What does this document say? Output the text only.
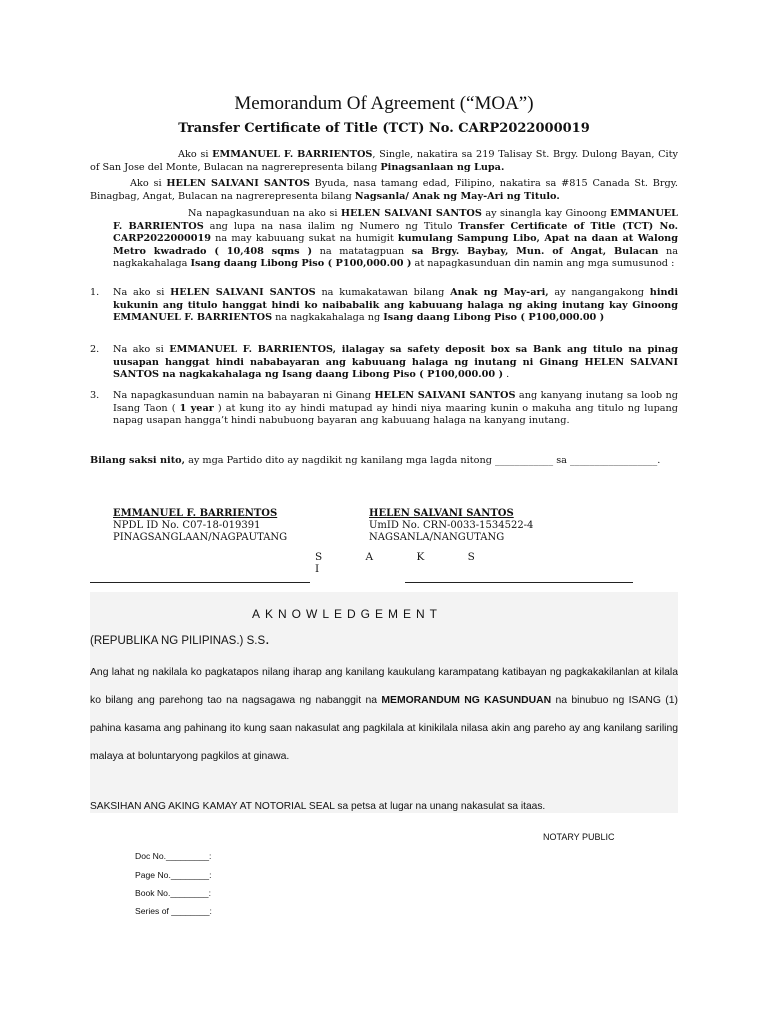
Memorandum Of Agreement (“MOA”)
Transfer Certificate of Title (TCT) No. CARP2022000019
Ako si EMMANUEL F. BARRIENTOS, Single, nakatira sa 219 Talisay St. Brgy. Dulong Bayan, City of San Jose del Monte, Bulacan na nagrerepresenta bilang Pinagsanlaan ng Lupa.
Ako si HELEN SALVANI SANTOS Byuda, nasa tamang edad, Filipino, nakatira sa #815 Canada St. Brgy. Binagbag, Angat, Bulacan na nagrerepresenta bilang Nagsanla/ Anak ng May-Ari ng Titulo.
Na napagkasunduan na ako si HELEN SALVANI SANTOS ay sinangla kay Ginoong EMMANUEL F. BARRIENTOS ang lupa na nasa ilalim ng Numero ng Titulo Transfer Certificate of Title (TCT) No. CARP2022000019 na may kabuuang sukat na humigit kumulang Sampung Libo, Apat na daan at Walong Metro kwadrado ( 10,408 sqms ) na matatagpuan sa Brgy. Baybay, Mun. of Angat, Bulacan na nagkakahalaga Isang daang Libong Piso ( P100,000.00 ) at napagkasunduan din namin ang mga sumusunod :
1.	Na ako si HELEN SALVANI SANTOS na kumakatawan bilang Anak ng May-ari, ay nangangakong hindi kukunin ang titulo hanggat hindi ko naibabalik ang kabuuang halaga ng aking inutang kay Ginoong EMMANUEL F. BARRIENTOS na nagkakahalaga ng Isang daang Libong Piso ( P100,000.00 )
2.	Na ako si EMMANUEL F. BARRIENTOS, ilalagay sa safety deposit box sa Bank ang titulo na pinag uusapan hanggat hindi nababayaran ang kabuuang halaga ng inutang ni Ginang HELEN SALVANI SANTOS na nagkakahalaga ng Isang daang Libong Piso ( P100,000.00 ) .
3.	Na napagkasunduan namin na babayaran ni Ginang HELEN SALVANI SANTOS ang kanyang inutang sa loob ng Isang Taon ( 1 year ) at kung ito ay hindi matupad ay hindi niya maaring kunin o makuha ang titulo ng lupang napag usapan hangga’t hindi nabubuong bayaran ang kabuuang halaga na kanyang inutang.
Bilang saksi nito, ay mga Partido dito ay nagdikit ng kanilang mga lagda nitong ____________ sa __________________.
EMMANUEL F. BARRIENTOS
NPDL ID No. C07-18-019391
PINAGSANGLAAN/NAGPAUTANG
HELEN SALVANI SANTOS
UmID No. CRN-0033-1534522-4
NAGSANLA/NANGUTANG
S A K S I
AKNOWLEDGEMENT
(REPUBLIKA NG PILIPINAS.) S.S.
Ang lahat ng nakilala ko pagkatapos nilang iharap ang kanilang kaukulang karampatang katibayan ng pagkakakilanlan at kilala ko bilang ang parehong tao na nagsagawa ng nabanggit na MEMORANDUM NG KASUNDUAN na binubuo ng ISANG (1) pahina kasama ang pahinang ito kung saan nakasulat ang pagkilala at kinikilala nilasa akin ang pareho ay ang kanilang sariling malaya at boluntaryong pagkilos at ginawa.
SAKSIHAN ANG AKING KAMAY AT NOTORIAL SEAL sa petsa at lugar na unang nakasulat sa itaas.
NOTARY PUBLIC
Doc No._________:
Page No.________:
Book No.________:
Series of ________:
